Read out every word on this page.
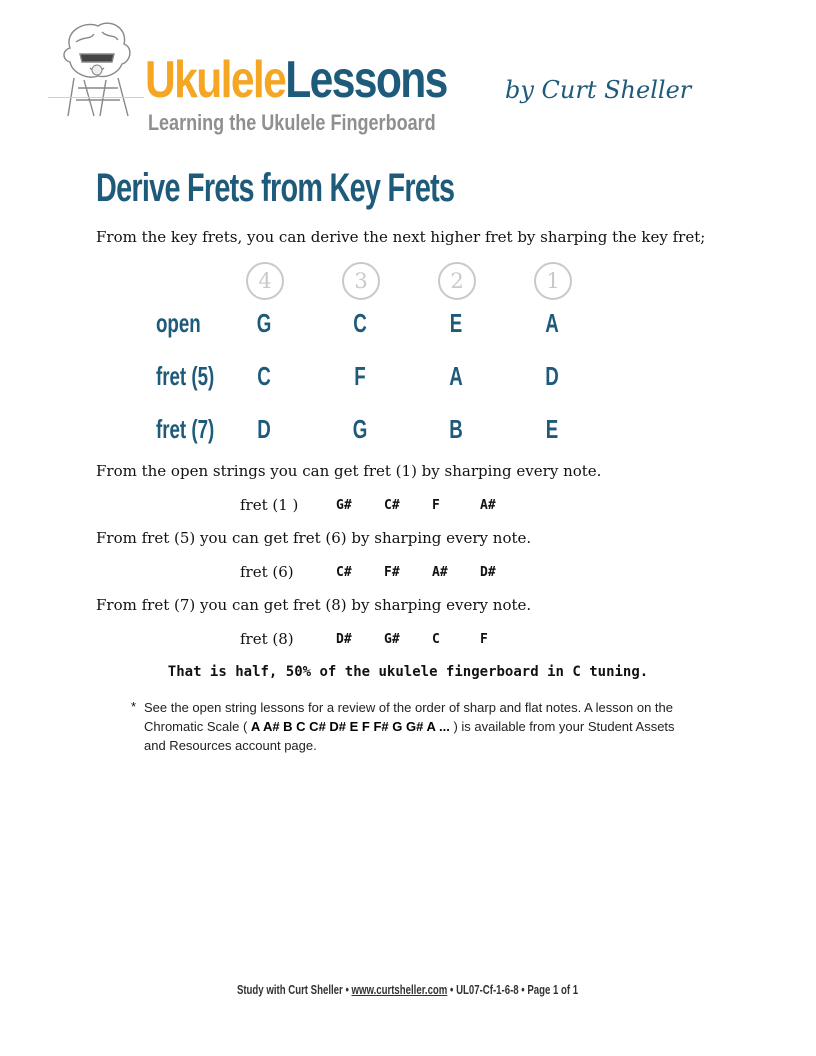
UkuleleLessons by Curt Sheller
Learning the Ukulele Fingerboard
Derive Frets from Key Frets
From the key frets, you can derive the next higher fret by sharping the key fret;
4	3	2	1
open G	C	E	A
fret (5) C	F	A	D
fret (7) D	G	B	E
From the open strings you can get fret (1) by sharping every note.
fret (1 )	G# C# F	A#
From fret (5) you can get fret (6) by sharping every note.
fret (6)	C# F# A# D#
From fret (7) you can get fret (8) by sharping every note.
fret (8)	D# G# C	F
That is half, 50% of the ukulele fingerboard in C tuning.
* See the open string lessons for a review of the order of sharp and flat notes. A lesson on the Chromatic Scale ( A A# B C C# D# E F F# G G# A ... ) is available from your Student Assets and Resources account page.
Study with Curt Sheller • www.curtsheller.com • UL07-Cf-1-6-8 • Page 1 of 1
